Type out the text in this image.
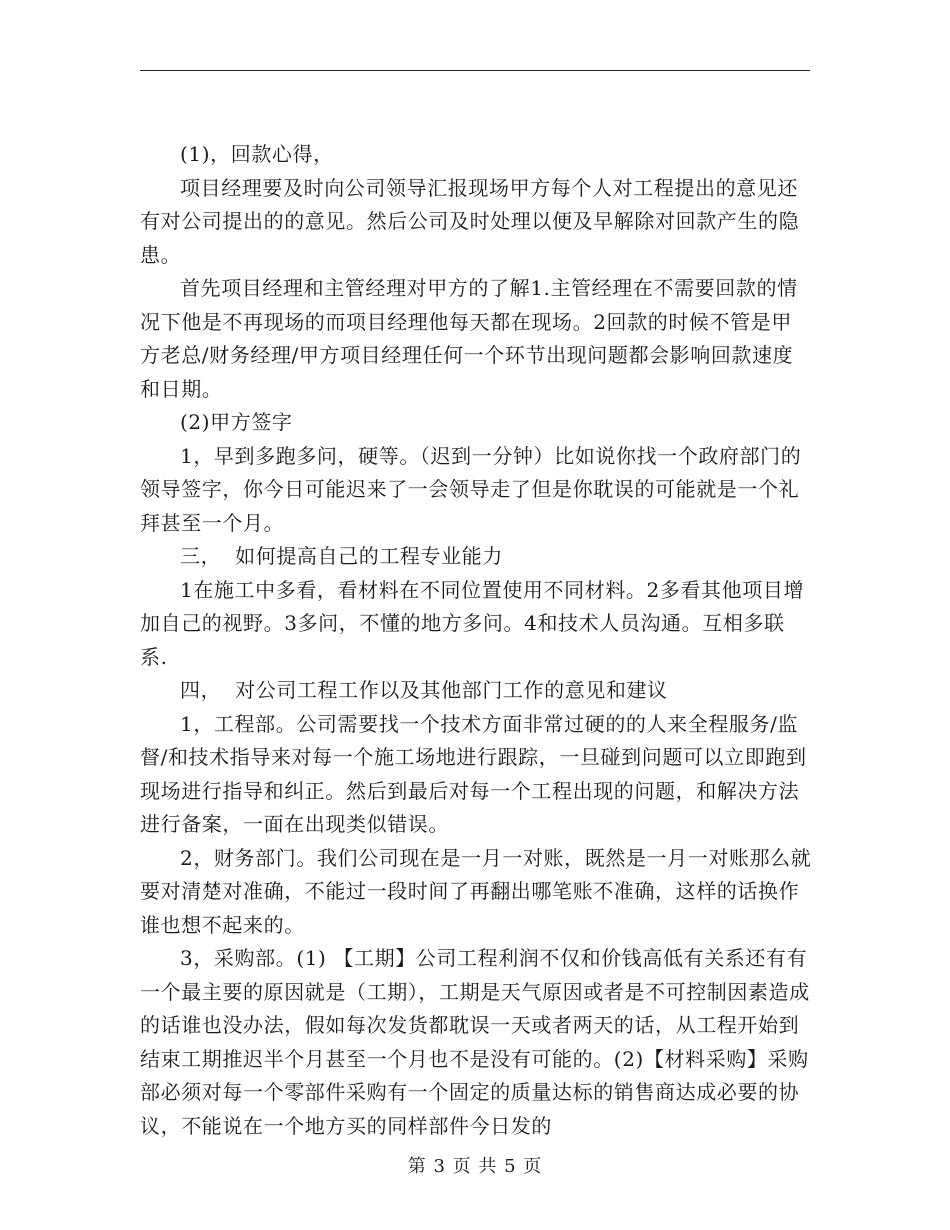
(1)，回款心得，

项目经理要及时向公司领导汇报现场甲方每个人对工程提出的意见还有对公司提出的的意见。然后公司及时处理以便及早解除对回款产生的隐患。

首先项目经理和主管经理对甲方的了解1.主管经理在不需要回款的情况下他是不再现场的而项目经理他每天都在现场。2回款的时候不管是甲方老总/财务经理/甲方项目经理任何一个环节出现问题都会影响回款速度和日期。

(2)甲方签字

1，早到多跑多问，硬等。（迟到一分钟）比如说你找一个政府部门的领导签字，你今日可能迟来了一会领导走了但是你耽误的可能就是一个礼拜甚至一个月。

三，  如何提高自己的工程专业能力

1在施工中多看，看材料在不同位置使用不同材料。2多看其他项目增加自己的视野。3多问，不懂的地方多问。4和技术人员沟通。互相多联系.

四，  对公司工程工作以及其他部门工作的意见和建议

1，工程部。公司需要找一个技术方面非常过硬的的人来全程服务/监督/和技术指导来对每一个施工场地进行跟踪，一旦碰到问题可以立即跑到现场进行指导和纠正。然后到最后对每一个工程出现的问题，和解决方法进行备案，一面在出现类似错误。

2，财务部门。我们公司现在是一月一对账，既然是一月一对账那么就要对清楚对准确，不能过一段时间了再翻出哪笔账不准确，这样的话换作谁也想不起来的。

3，采购部。(1) 【工期】公司工程利润不仅和价钱高低有关系还有有一个最主要的原因就是（工期），工期是天气原因或者是不可控制因素造成的话谁也没办法，假如每次发货都耽误一天或者两天的话，从工程开始到结束工期推迟半个月甚至一个月也不是没有可能的。(2)【材料采购】采购部必须对每一个零部件采购有一个固定的质量达标的销售商达成必要的协议，不能说在一个地方买的同样部件今日发的

第 3 页 共 5 页
